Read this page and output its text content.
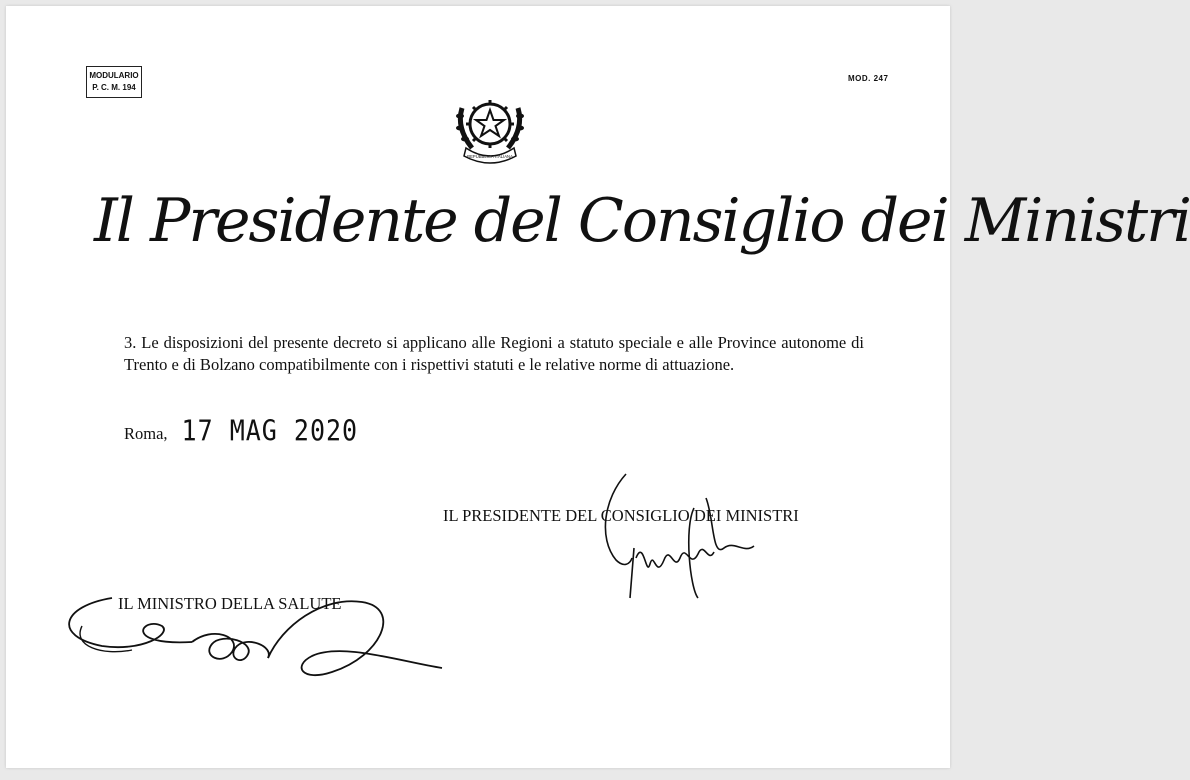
MODULARIO
P. C. M. 194
MOD. 247
REPUBBLICA ITALIANA
Il Presidente del Consiglio dei Ministri
3. Le disposizioni del presente decreto si applicano alle Regioni a statuto speciale e alle Province autonome di Trento e di Bolzano compatibilmente con i rispettivi statuti e le relative norme di attuazione.
Roma, 17 MAG 2020
IL PRESIDENTE DEL CONSIGLIO DEI MINISTRI
IL MINISTRO DELLA SALUTE
